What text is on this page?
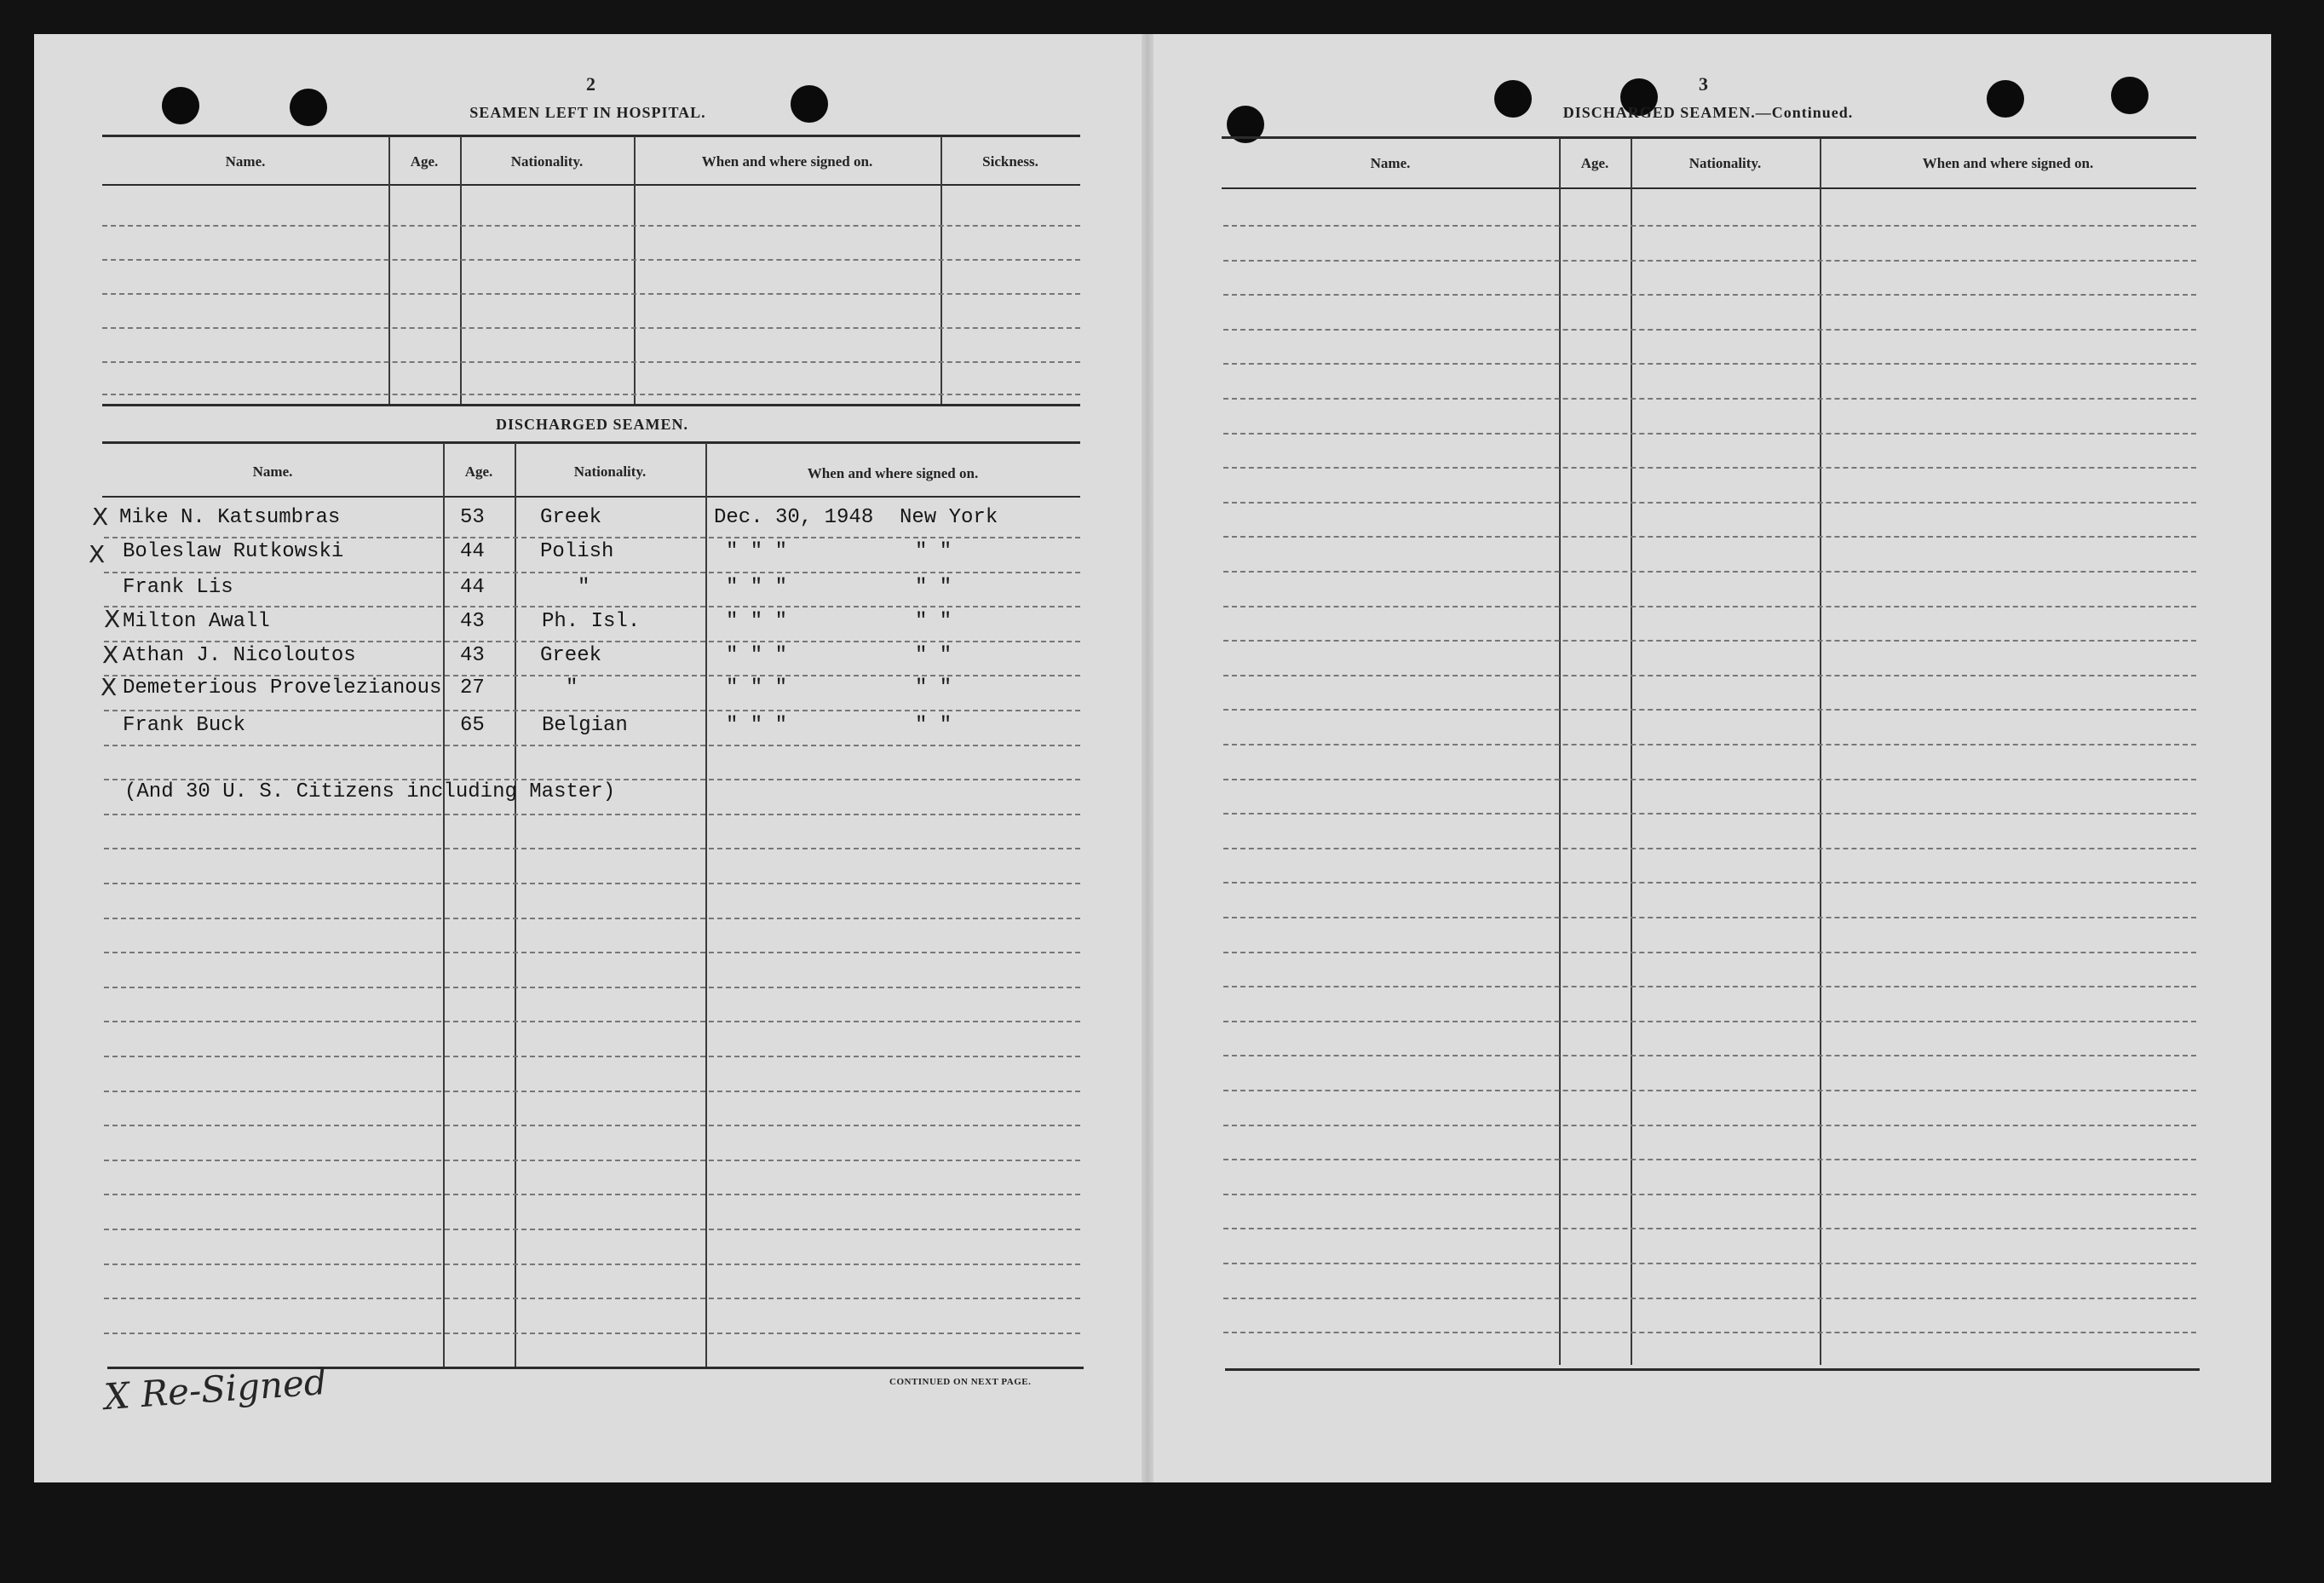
2
SEAMEN LEFT IN HOSPITAL.
Name.	Age.	Nationality.	When and where signed on.	Sickness.
DISCHARGED SEAMEN.
Name.	Age.	Nationality.	When and where signed on.
X Mike N. Katsumbras	53	Greek	Dec. 30, 1948 New York
X Boleslaw Rutkowski	44	Polish	" " "	" "
Frank Lis	44	"	" " "	" "
X Milton Awall	43	Ph. Isl.	" " "	" "
X Athan J. Nicoloutos	43	Greek	" " "	" "
X Demeterious Provelezianous 27	"	" " "	" "
Frank Buck	65	Belgian	" " "	" "
(And 30 U. S. Citizens including Master)
X Re-Signed	CONTINUED ON NEXT PAGE.
3
DISCHARGED SEAMEN.—Continued.
Name.	Age.	Nationality.	When and where signed on.
